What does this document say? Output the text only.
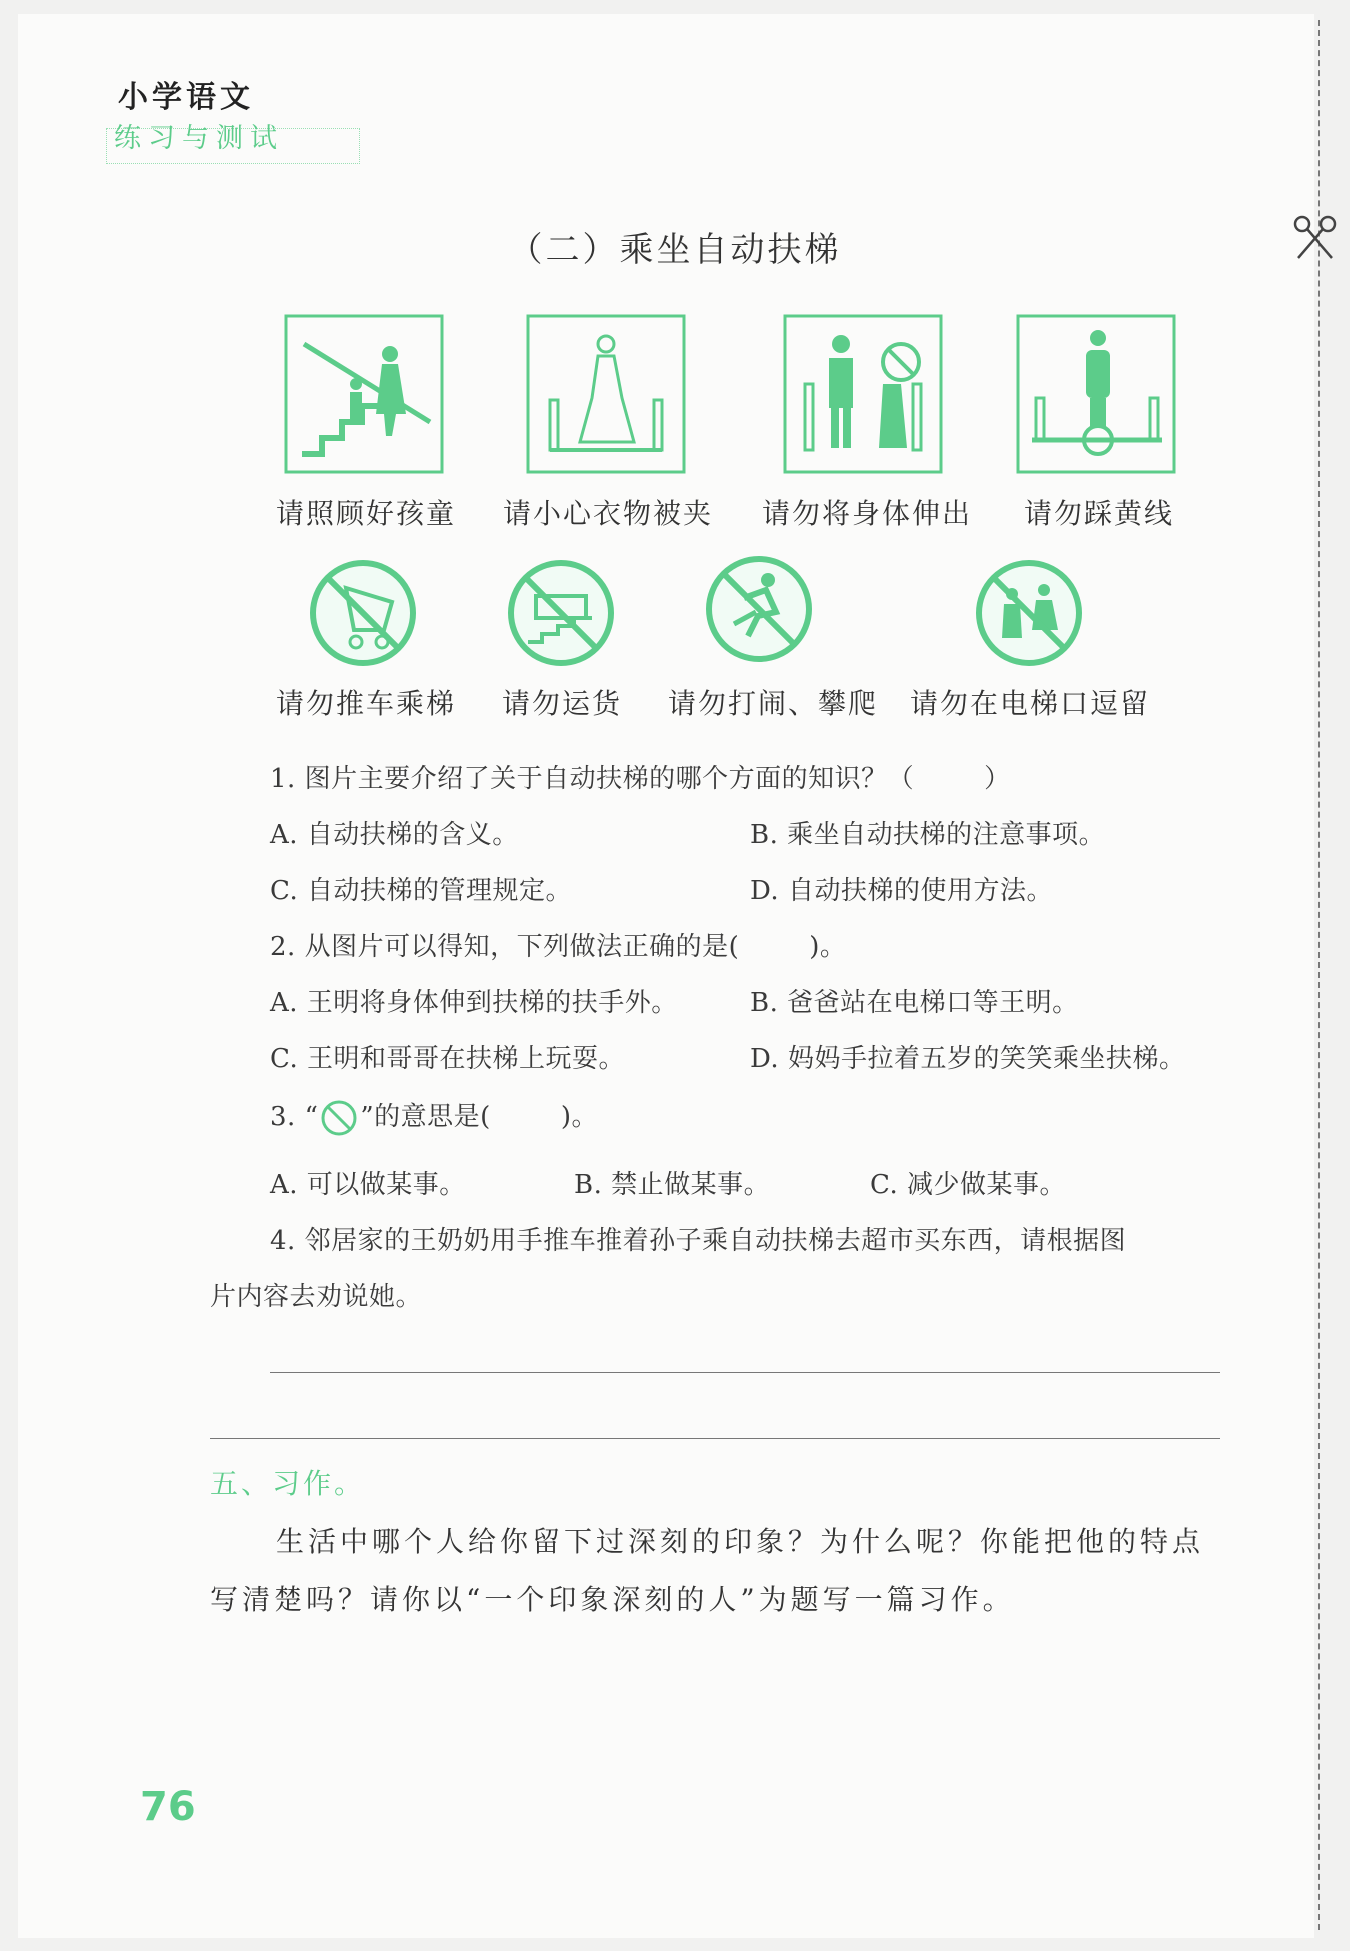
小学语文
练习与测试
（二）乘坐自动扶梯
请照顾好孩童 请小心衣物被夹 请勿将身体伸出 请勿踩黄线
请勿推车乘梯 请勿运货 请勿打闹、攀爬 请勿在电梯口逗留
1. 图片主要介绍了关于自动扶梯的哪个方面的知识？（	）
A. 自动扶梯的含义。	B. 乘坐自动扶梯的注意事项。
C. 自动扶梯的管理规定。	D. 自动扶梯的使用方法。
2. 从图片可以得知，下列做法正确的是(	)。
A. 王明将身体伸到扶梯的扶手外。	B. 爸爸站在电梯口等王明。
C. 王明和哥哥在扶梯上玩耍。	D. 妈妈手拉着五岁的笑笑乘坐扶梯。
3. “ ”的意思是(	)。
A. 可以做某事。	B. 禁止做某事。	C. 减少做某事。
4. 邻居家的王奶奶用手推车推着孙子乘自动扶梯去超市买东西，请根据图
片内容去劝说她。
五、习作。
生活中哪个人给你留下过深刻的印象？为什么呢？你能把他的特点
写清楚吗？请你以“一个印象深刻的人”为题写一篇习作。
76
